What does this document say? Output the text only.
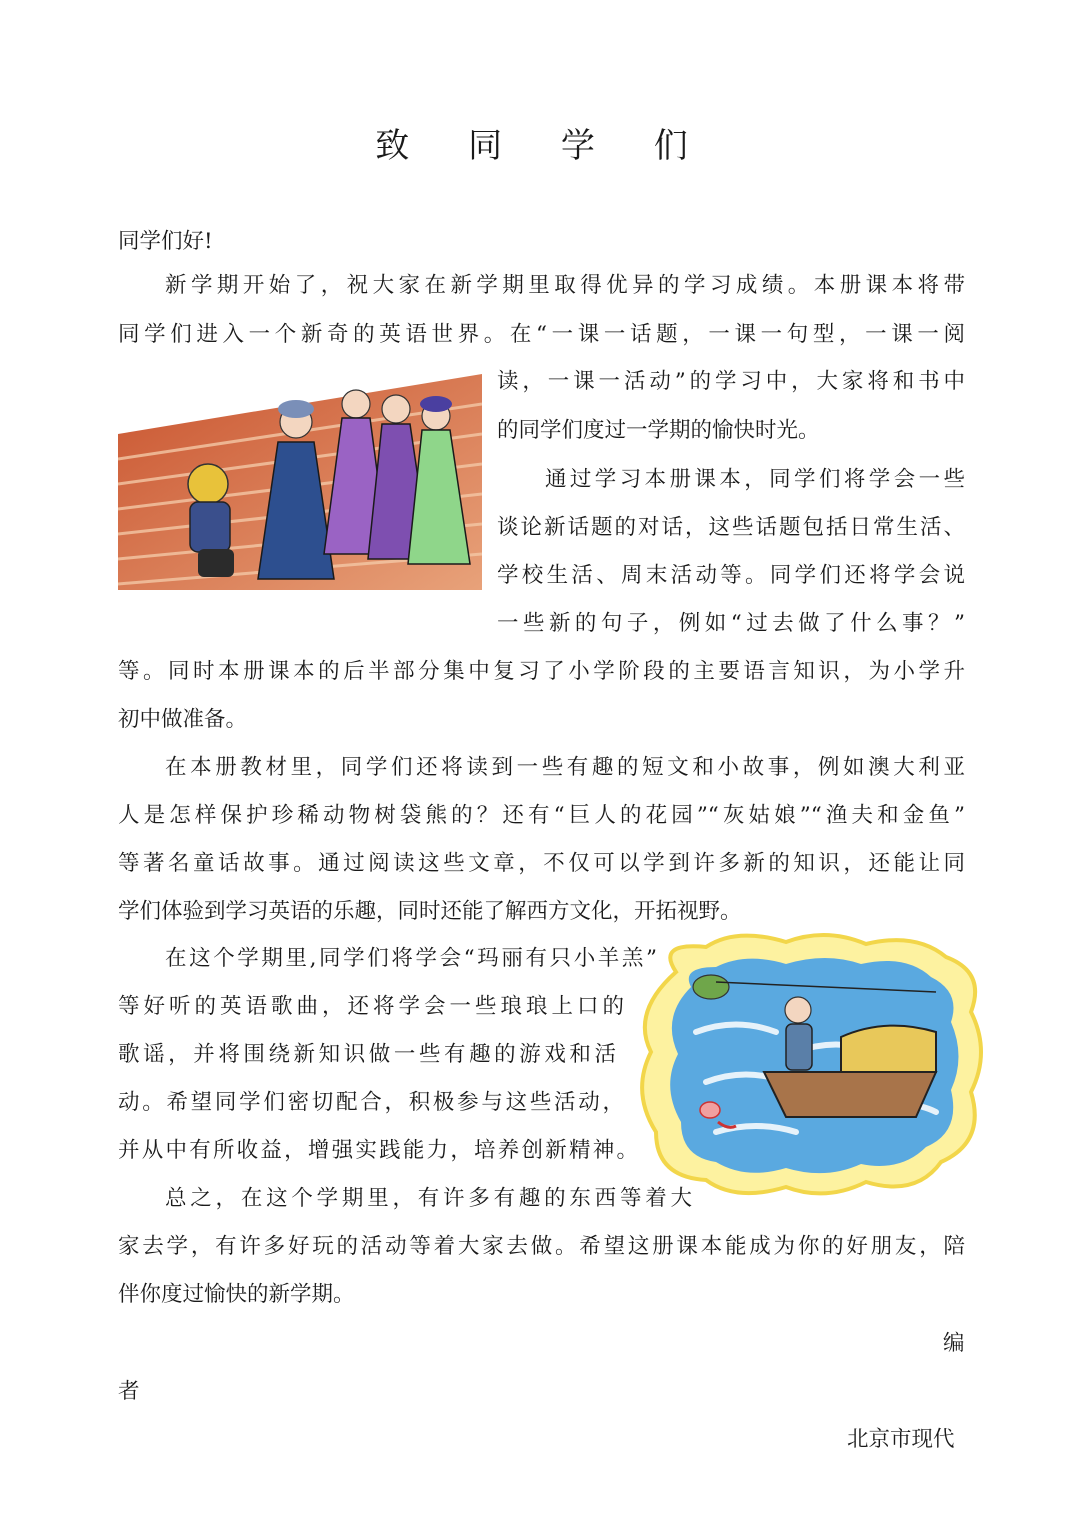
致 同 学 们
同学们好!
新学期开始了，祝大家在新学期里取得优异的学习成绩。本册课本将带
同学们进入一个新奇的英语世界。在“一课一话题，一课一句型，一课一阅
读，一课一活动”的学习中，大家将和书中
的同学们度过一学期的愉快时光。
通过学习本册课本，同学们将学会一些
谈论新话题的对话，这些话题包括日常生活、
学校生活、周末活动等。同学们还将学会说
一些新的句子，例如“过去做了什么事？”
等。同时本册课本的后半部分集中复习了小学阶段的主要语言知识，为小学升
初中做准备。
在本册教材里，同学们还将读到一些有趣的短文和小故事，例如澳大利亚
人是怎样保护珍稀动物树袋熊的？还有“巨人的花园”“灰姑娘”“渔夫和金鱼”
等著名童话故事。通过阅读这些文章，不仅可以学到许多新的知识，还能让同
学们体验到学习英语的乐趣，同时还能了解西方文化，开拓视野。
在这个学期里,同学们将学会“玛丽有只小羊羔”
等好听的英语歌曲，还将学会一些琅琅上口的
歌谣，并将围绕新知识做一些有趣的游戏和活
动。希望同学们密切配合，积极参与这些活动，
并从中有所收益，增强实践能力，培养创新精神。
总之，在这个学期里，有许多有趣的东西等着大
家去学，有许多好玩的活动等着大家去做。希望这册课本能成为你的好朋友，陪
伴你度过愉快的新学期。
编
者
北京市现代
